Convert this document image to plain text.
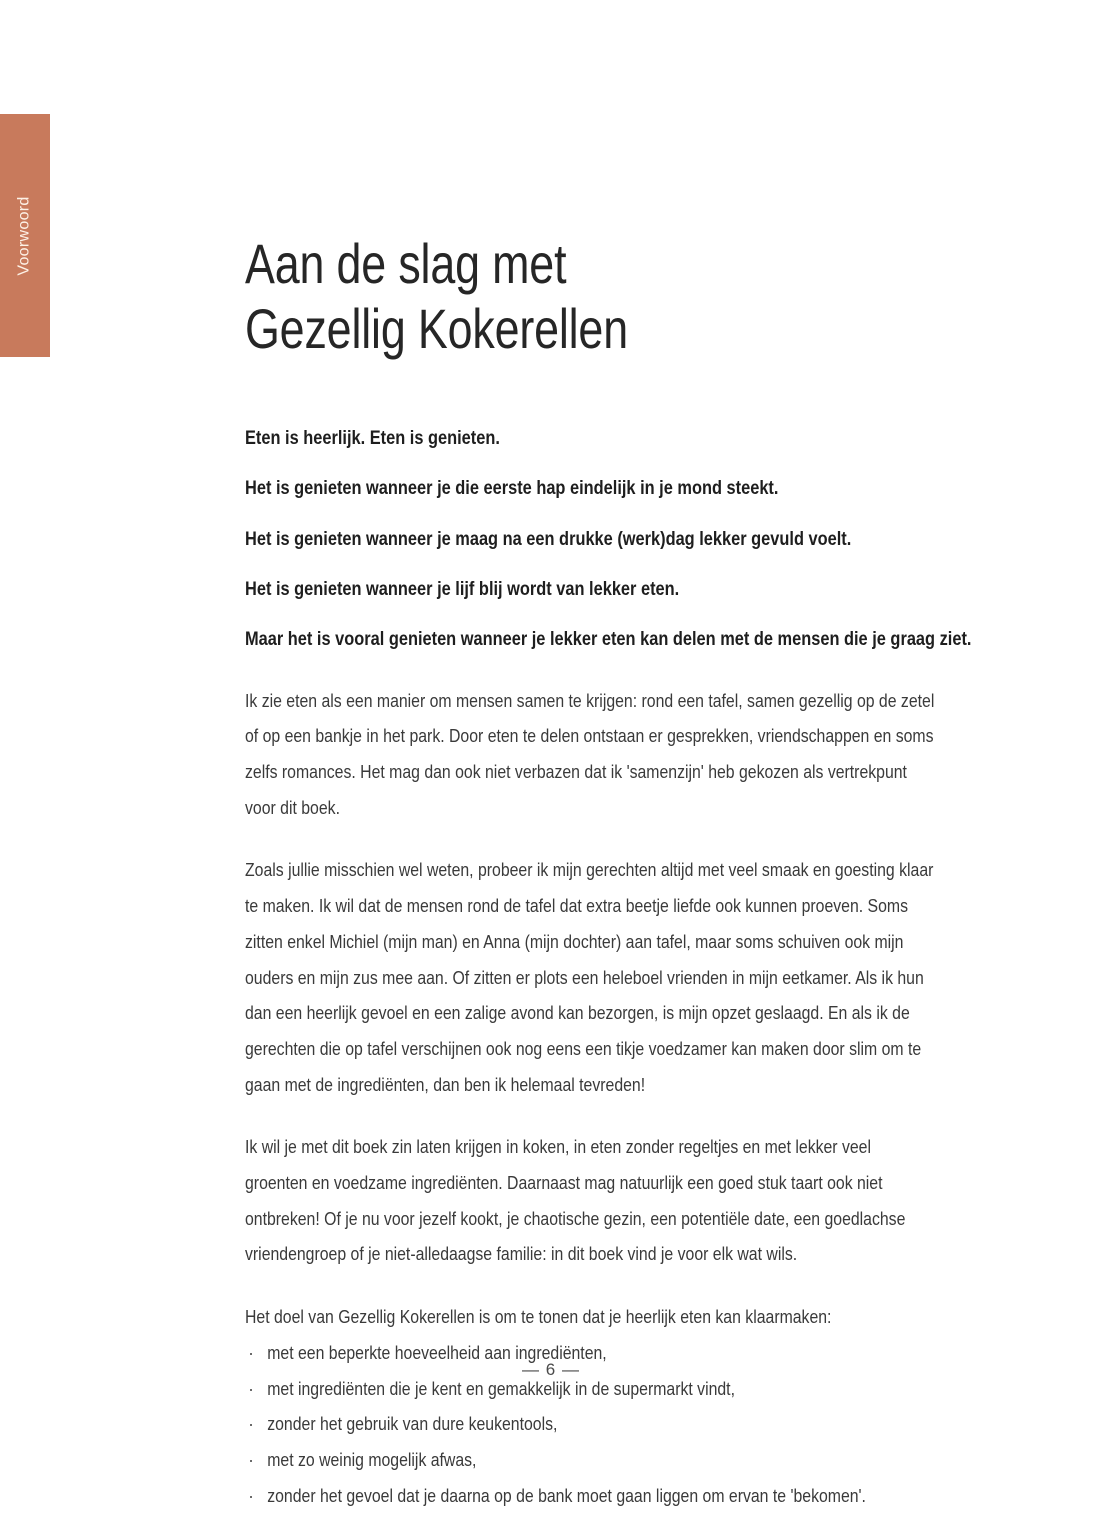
Voorwoord	Aan de slag met
Gezellig Kokerellen

Eten is heerlijk. Eten is genieten.

Het is genieten wanneer je die eerste hap eindelijk in je mond steekt.

Het is genieten wanneer je maag na een drukke (werk)dag lekker gevuld voelt.

Het is genieten wanneer je lijf blij wordt van lekker eten.

Maar het is vooral genieten wanneer je lekker eten kan delen met de mensen die je graag ziet.

Ik zie eten als een manier om mensen samen te krijgen: rond een tafel, samen gezellig op de zetel of op een bankje in het park. Door eten te delen ontstaan er gesprekken, vriendschappen en soms zelfs romances. Het mag dan ook niet verbazen dat ik 'samenzijn' heb gekozen als vertrekpunt voor dit boek.

Zoals jullie misschien wel weten, probeer ik mijn gerechten altijd met veel smaak en goesting klaar te maken. Ik wil dat de mensen rond de tafel dat extra beetje liefde ook kunnen proeven. Soms zitten enkel Michiel (mijn man) en Anna (mijn dochter) aan tafel, maar soms schuiven ook mijn ouders en mijn zus mee aan. Of zitten er plots een heleboel vrienden in mijn eetkamer. Als ik hun dan een heerlijk gevoel en een zalige avond kan bezorgen, is mijn opzet geslaagd. En als ik de gerechten die op tafel verschijnen ook nog eens een tikje voedzamer kan maken door slim om te gaan met de ingrediënten, dan ben ik helemaal tevreden!

Ik wil je met dit boek zin laten krijgen in koken, in eten zonder regeltjes en met lekker veel groenten en voedzame ingrediënten. Daarnaast mag natuurlijk een goed stuk taart ook niet ontbreken! Of je nu voor jezelf kookt, je chaotische gezin, een potentiële date, een goedlachse vriendengroep of je niet-alledaagse familie: in dit boek vind je voor elk wat wils.

Het doel van Gezellig Kokerellen is om te tonen dat je heerlijk eten kan klaarmaken:

· met een beperkte hoeveelheid aan ingrediënten,
· met ingrediënten die je kent en gemakkelijk in de supermarkt vindt,
· zonder het gebruik van dure keukentools,
· met zo weinig mogelijk afwas,
· zonder het gevoel dat je daarna op de bank moet gaan liggen om ervan te 'bekomen'.
— 6 —
